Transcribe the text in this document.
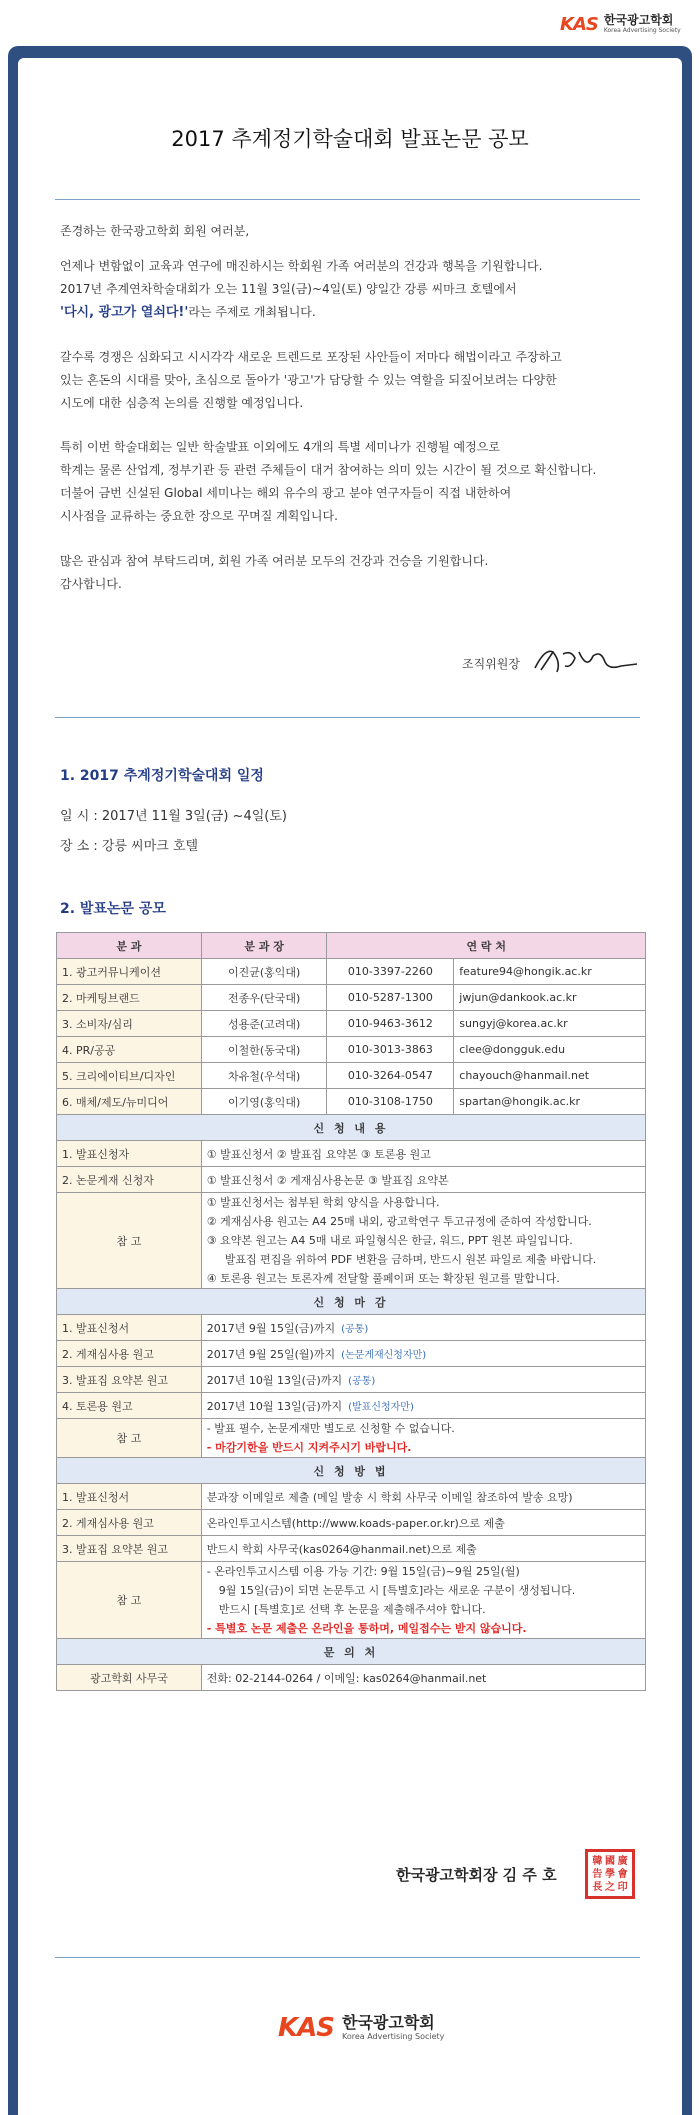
KAS 한국광고학회
Korea Advertising Society
2017 추계정기학술대회 발표논문 공모

존경하는 한국광고학회 회원 여러분,

언제나 변함없이 교육과 연구에 매진하시는 학회원 가족 여러분의 건강과 행복을 기원합니다.

2017년 추계연차학술대회가 오는 11월 3일(금)~4일(토) 양일간 강릉 씨마크 호텔에서

'다시, 광고가 열쇠다!'라는 주제로 개최됩니다.

갈수록 경쟁은 심화되고 시시각각 새로운 트렌드로 포장된 사안들이 저마다 해법이라고 주장하고

있는 혼돈의 시대를 맞아, 초심으로 돌아가 '광고'가 담당할 수 있는 역할을 되짚어보려는 다양한

시도에 대한 심층적 논의를 진행할 예정입니다.

특히 이번 학술대회는 일반 학술발표 이외에도 4개의 특별 세미나가 진행될 예정으로

학계는 물론 산업계, 정부기관 등 관련 주체들이 대거 참여하는 의미 있는 시간이 될 것으로 확신합니다.

더불어 금번 신설된 Global 세미나는 해외 유수의 광고 분야 연구자들이 직접 내한하여

시사점을 교류하는 중요한 장으로 꾸며질 계획입니다.

많은 관심과 참여 부탁드리며, 회원 가족 여러분 모두의 건강과 건승을 기원합니다.

감사합니다.

조직위원장
1. 2017 추계정기학술대회 일정
일 시 : 2017년 11월 3일(금) ~4일(토)
장 소 : 강릉 씨마크 호텔
2. 발표논문 공모
분 과	분 과 장	연 락 처	
1. 광고커뮤니케이션	이진균(홍익대)	010-3397-2260	feature94@hongik.ac.kr
2. 마케팅브랜드	전종우(단국대)	010-5287-1300	jwjun@dankook.ac.kr
3. 소비자/심리	성용준(고려대)	010-9463-3612	sungyj@korea.ac.kr
4. PR/공공	이철한(동국대)	010-3013-3863	clee@dongguk.edu
5. 크리에이티브/디자인	차유철(우석대)	010-3264-0547	chayouch@hanmail.net
6. 매체/제도/뉴미디어	이기영(홍익대)	010-3108-1750	spartan@hongik.ac.kr
신 청 내 용			
1. 발표신청자	① 발표신청서 ② 발표집 요약본 ③ 토론용 원고		
2. 논문게재 신청자	① 발표신청서 ② 게재심사용논문 ③ 발표집 요약본		
참 고	① 발표신청서는 첨부된 학회 양식을 사용합니다.
② 게재심사용 원고는 A4 25매 내외, 광고학연구 투고규정에 준하여 작성합니다.
③ 요약본 원고는 A4 5매 내로 파일형식은 한글, 워드, PPT 원본 파일입니다.
발표집 편집을 위하여 PDF 변환을 금하며, 반드시 원본 파일로 제출 바랍니다.
④ 토론용 원고는 토론자께 전달할 풀페이퍼 또는 확장된 원고를 말합니다.		

신 청 마 감			
1. 발표신청서	2017년 9월 15일(금)까지 (공통)		
2. 게재심사용 원고	2017년 9월 25일(월)까지 (논문게재신청자만)		
3. 발표집 요약본 원고	2017년 10월 13일(금)까지 (공통)		
4. 토론용 원고	2017년 10월 13일(금)까지 (발표신청자만)		
참 고	- 발표 필수, 논문게재만 별도로 신청할 수 없습니다.
- 마감기한을 반드시 지켜주시기 바랍니다.		

신 청 방 법			
1. 발표신청서	분과장 이메일로 제출 (메일 발송 시 학회 사무국 이메일 참조하여 발송 요망)		
2. 게재심사용 원고	온라인투고시스템(http://www.koads-paper.or.kr)으로 제출		
3. 발표집 요약본 원고	반드시 학회 사무국(kas0264@hanmail.net)으로 제출		
참 고	- 온라인투고시스템 이용 가능 기간: 9월 15일(금)~9월 25일(월)
9월 15일(금)이 되면 논문투고 시 [특별호]라는 새로운 구분이 생성됩니다.
반드시 [특별호]로 선택 후 논문을 제출해주셔야 합니다.
- 특별호 논문 제출은 온라인을 통하며, 메일접수는 받지 않습니다.		

문 의 처			
광고학회 사무국	전화: 02-2144-0264 / 이메일: kas0264@hanmail.net		
한국광고학회장 김 주 호
韓 國 廣
告 學 會
長 之 印
KAS 한국광고학회
Korea Advertising Society
